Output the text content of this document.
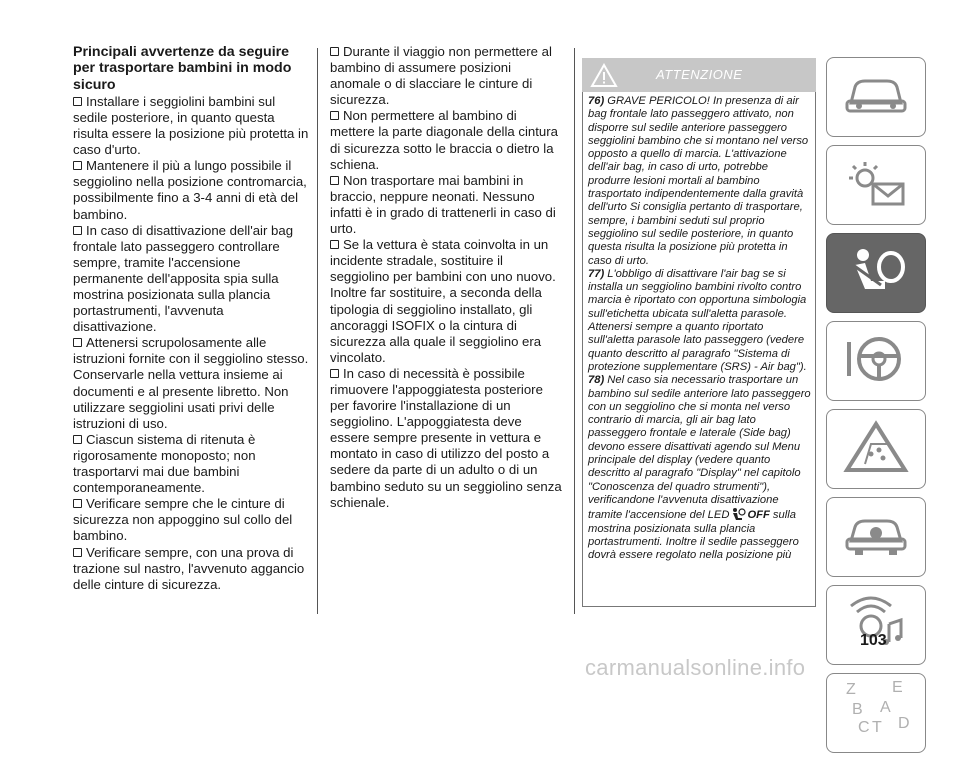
Principali avvertenze da seguire per trasportare bambini in modo sicuro

Installare i seggiolini bambini sul sedile posteriore, in quanto questa risulta essere la posizione più protetta in caso d'urto.

Mantenere il più a lungo possibile il seggiolino nella posizione contromarcia, possibilmente fino a 3-4 anni di età del bambino.

In caso di disattivazione dell'air bag frontale lato passeggero controllare sempre, tramite l'accensione permanente dell'apposita spia sulla mostrina posizionata sulla plancia portastrumenti, l'avvenuta disattivazione.

Attenersi scrupolosamente alle istruzioni fornite con il seggiolino stesso. Conservarle nella vettura insieme ai documenti e al presente libretto. Non utilizzare seggiolini usati privi delle istruzioni di uso.

Ciascun sistema di ritenuta è rigorosamente monoposto; non trasportarvi mai due bambini contemporaneamente.

Verificare sempre che le cinture di sicurezza non appoggino sul collo del bambino.

Verificare sempre, con una prova di trazione sul nastro, l'avvenuto aggancio delle cinture di sicurezza.

Durante il viaggio non permettere al bambino di assumere posizioni anomale o di slacciare le cinture di sicurezza.

Non permettere al bambino di mettere la parte diagonale della cintura di sicurezza sotto le braccia o dietro la schiena.

Non trasportare mai bambini in braccio, neppure neonati. Nessuno infatti è in grado di trattenerli in caso di urto.

Se la vettura è stata coinvolta in un incidente stradale, sostituire il seggiolino per bambini con uno nuovo. Inoltre far sostituire, a seconda della tipologia di seggiolino installato, gli ancoraggi ISOFIX o la cintura di sicurezza alla quale il seggiolino era vincolato.

In caso di necessità è possibile rimuovere l'appoggiatesta posteriore per favorire l'installazione di un seggiolino. L'appoggiatesta deve essere sempre presente in vettura e montato in caso di utilizzo del posto a sedere da parte di un adulto o di un bambino seduto su un seggiolino senza schienale.

ATTENZIONE

76) GRAVE PERICOLO! In presenza di air bag frontale lato passeggero attivato, non disporre sul sedile anteriore passeggero seggiolini bambino che si montano nel verso opposto a quello di marcia. L'attivazione dell'air bag, in caso di urto, potrebbe produrre lesioni mortali al bambino trasportato indipendentemente dalla gravità dell'urto Si consiglia pertanto di trasportare, sempre, i bambini seduti sul proprio seggiolino sul sedile posteriore, in quanto questa risulta la posizione più protetta in caso di urto.

77) L'obbligo di disattivare l'air bag se si installa un seggiolino bambini rivolto contro marcia è riportato con opportuna simbologia sull'etichetta ubicata sull'aletta parasole. Attenersi sempre a quanto riportato sull'aletta parasole lato passeggero (vedere quanto descritto al paragrafo "Sistema di protezione supplementare (SRS) - Air bag").

78) Nel caso sia necessario trasportare un bambino sul sedile anteriore lato passeggero con un seggiolino che si monta nel verso contrario di marcia, gli air bag lato passeggero frontale e laterale (Side bag) devono essere disattivati agendo sul Menu principale del display (vedere quanto descritto al paragrafo "Display" nel capitolo "Conoscenza del quadro strumenti"), verificandone l'avvenuta disattivazione tramite l'accensione del LED OFF sulla mostrina posizionata sulla plancia portastrumenti. Inoltre il sedile passeggero dovrà essere regolato nella posizione più

Z E
B A
C T D
103
carmanualsonline.info
